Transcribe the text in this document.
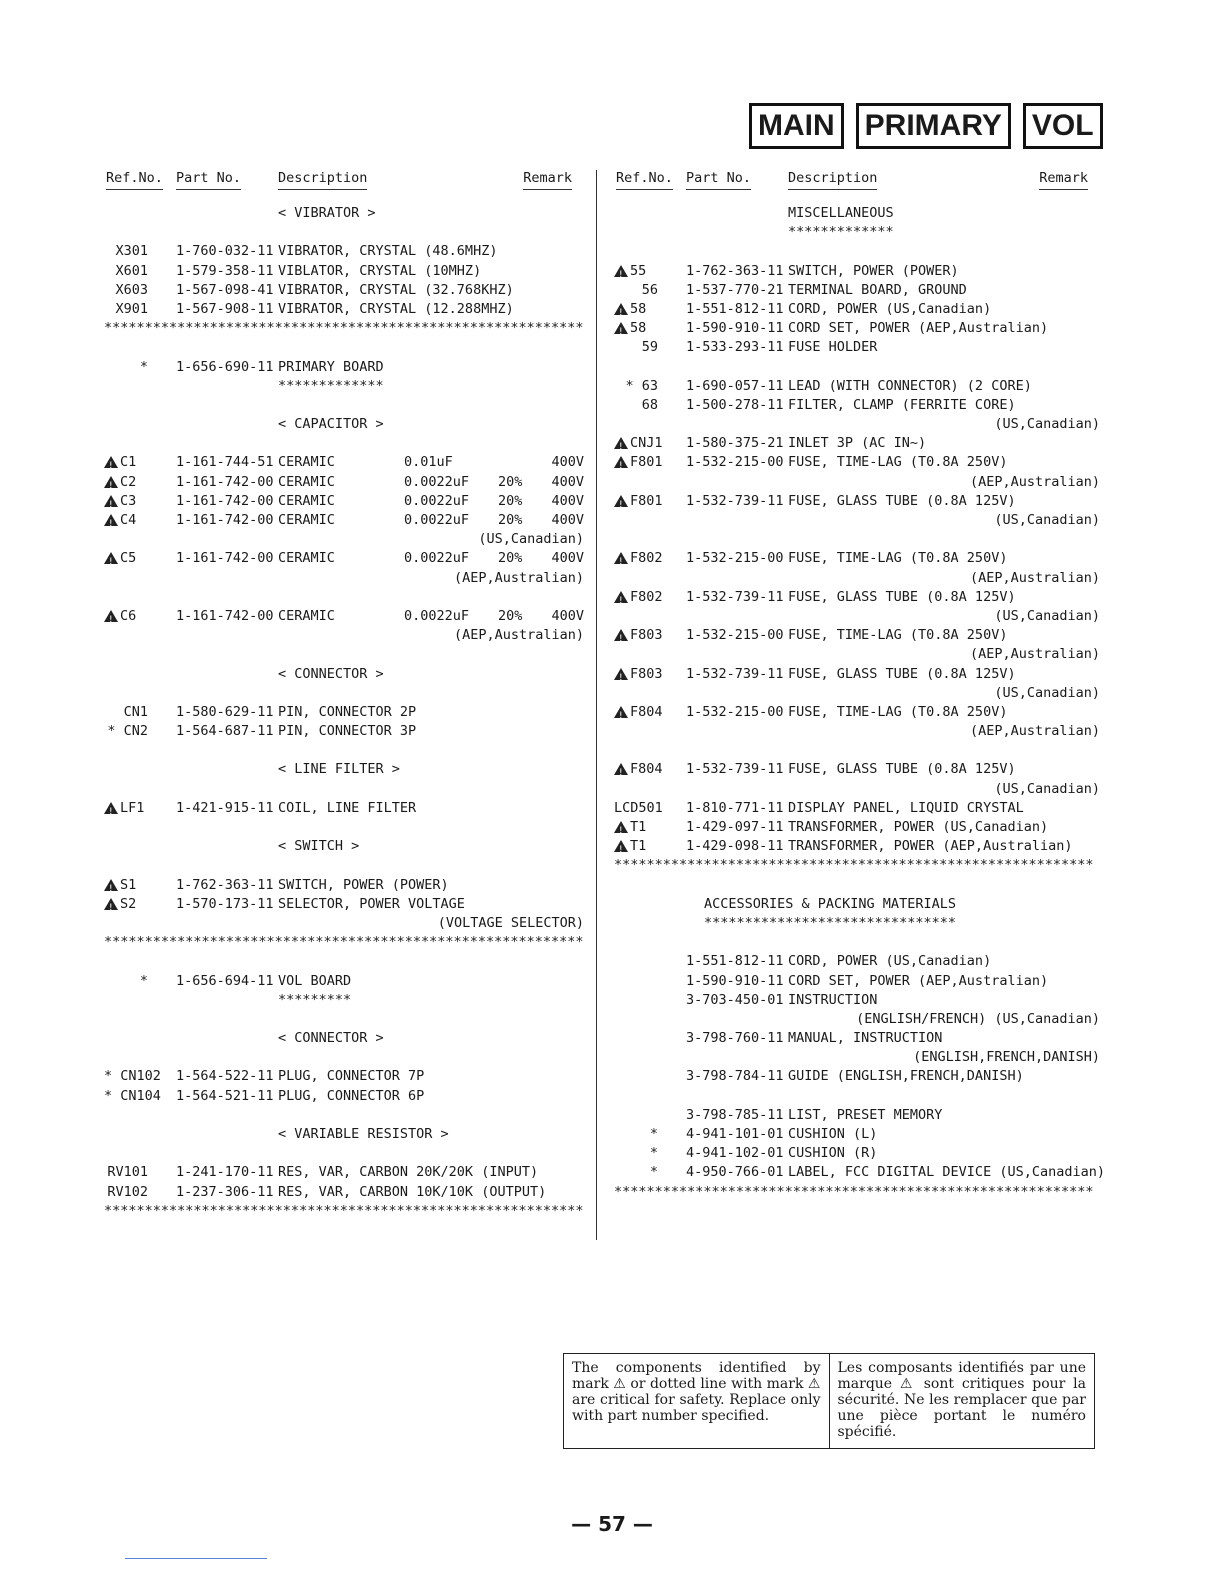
MAIN PRIMARY VOL
Ref.No. Part No.	Description	Remark
< VIBRATOR >
X301 1-760-032-11 VIBRATOR, CRYSTAL (48.6MHZ)
X601 1-579-358-11 VIBLATOR, CRYSTAL (10MHZ)
X603 1-567-098-41 VIBRATOR, CRYSTAL (32.768KHZ)
X901 1-567-908-11 VIBRATOR, CRYSTAL (12.288MHZ)
***********************************************************
* 1-656-690-11 PRIMARY BOARD
*************
< CAPACITOR >
!
C1	1-161-744-51 CERAMIC	0.01uF	400V
!
C2	1-161-742-00 CERAMIC	0.0022uF 20% 400V
!
C3	1-161-742-00 CERAMIC	0.0022uF 20% 400V
!
C4	1-161-742-00 CERAMIC	0.0022uF 20% 400V
(US,Canadian)
!
C5	1-161-742-00 CERAMIC	0.0022uF 20% 400V
(AEP,Australian)
!
C6	1-161-742-00 CERAMIC	0.0022uF 20% 400V
(AEP,Australian)
< CONNECTOR >
CN1 1-580-629-11 PIN, CONNECTOR 2P
* CN2 1-564-687-11 PIN, CONNECTOR 3P
< LINE FILTER >
!
LF1	1-421-915-11 COIL, LINE FILTER
< SWITCH >
!
S1	1-762-363-11 SWITCH, POWER (POWER)
!
S2	1-570-173-11 SELECTOR, POWER VOLTAGE
(VOLTAGE SELECTOR)
***********************************************************
* 1-656-694-11 VOL BOARD
*********
< CONNECTOR >
* CN102 1-564-522-11 PLUG, CONNECTOR 7P
* CN104 1-564-521-11 PLUG, CONNECTOR 6P
< VARIABLE RESISTOR >
RV101 1-241-170-11 RES, VAR, CARBON 20K/20K (INPUT)
RV102 1-237-306-11 RES, VAR, CARBON 10K/10K (OUTPUT)
***********************************************************
Ref.No. Part No.	Description	Remark
MISCELLANEOUS
*************
!
55	1-762-363-11 SWITCH, POWER (POWER)
56 1-537-770-21 TERMINAL BOARD, GROUND
!
58	1-551-812-11 CORD, POWER (US,Canadian)
!
58	1-590-910-11 CORD SET, POWER (AEP,Australian)
59 1-533-293-11 FUSE HOLDER
* 63 1-690-057-11 LEAD (WITH CONNECTOR) (2 CORE)
68 1-500-278-11 FILTER, CLAMP (FERRITE CORE)
(US,Canadian)
!
CNJ1	1-580-375-21 INLET 3P (AC IN~)
!
F801	1-532-215-00 FUSE, TIME-LAG (T0.8A 250V)
(AEP,Australian)
!
F801	1-532-739-11 FUSE, GLASS TUBE (0.8A 125V)
(US,Canadian)
!
F802	1-532-215-00 FUSE, TIME-LAG (T0.8A 250V)
(AEP,Australian)
!
F802	1-532-739-11 FUSE, GLASS TUBE (0.8A 125V)
(US,Canadian)
!
F803	1-532-215-00 FUSE, TIME-LAG (T0.8A 250V)
(AEP,Australian)
!
F803	1-532-739-11 FUSE, GLASS TUBE (0.8A 125V)
(US,Canadian)
!
F804	1-532-215-00 FUSE, TIME-LAG (T0.8A 250V)
(AEP,Australian)
!
F804	1-532-739-11 FUSE, GLASS TUBE (0.8A 125V)
(US,Canadian)
LCD501 1-810-771-11 DISPLAY PANEL, LIQUID CRYSTAL
!
T1	1-429-097-11 TRANSFORMER, POWER (US,Canadian)
!
T1	1-429-098-11 TRANSFORMER, POWER (AEP,Australian)
***********************************************************
ACCESSORIES & PACKING MATERIALS
*******************************
1-551-812-11 CORD, POWER (US,Canadian)
1-590-910-11 CORD SET, POWER (AEP,Australian)
3-703-450-01 INSTRUCTION
(ENGLISH/FRENCH) (US,Canadian)
3-798-760-11 MANUAL, INSTRUCTION
(ENGLISH,FRENCH,DANISH)
3-798-784-11 GUIDE (ENGLISH,FRENCH,DANISH)
3-798-785-11 LIST, PRESET MEMORY
* 4-941-101-01 CUSHION (L)
* 4-941-102-01 CUSHION (R)
* 4-950-766-01 LABEL, FCC DIGITAL DEVICE (US,Canadian)
***********************************************************
The components identified by mark ⚠ or dotted line with mark ⚠ are critical for safety. Replace only with part number specified.
Les composants identifiés par une marque ⚠ sont critiques pour la sécurité. Ne les remplacer que par une pièce portant le numéro spécifié.
— 57 —
